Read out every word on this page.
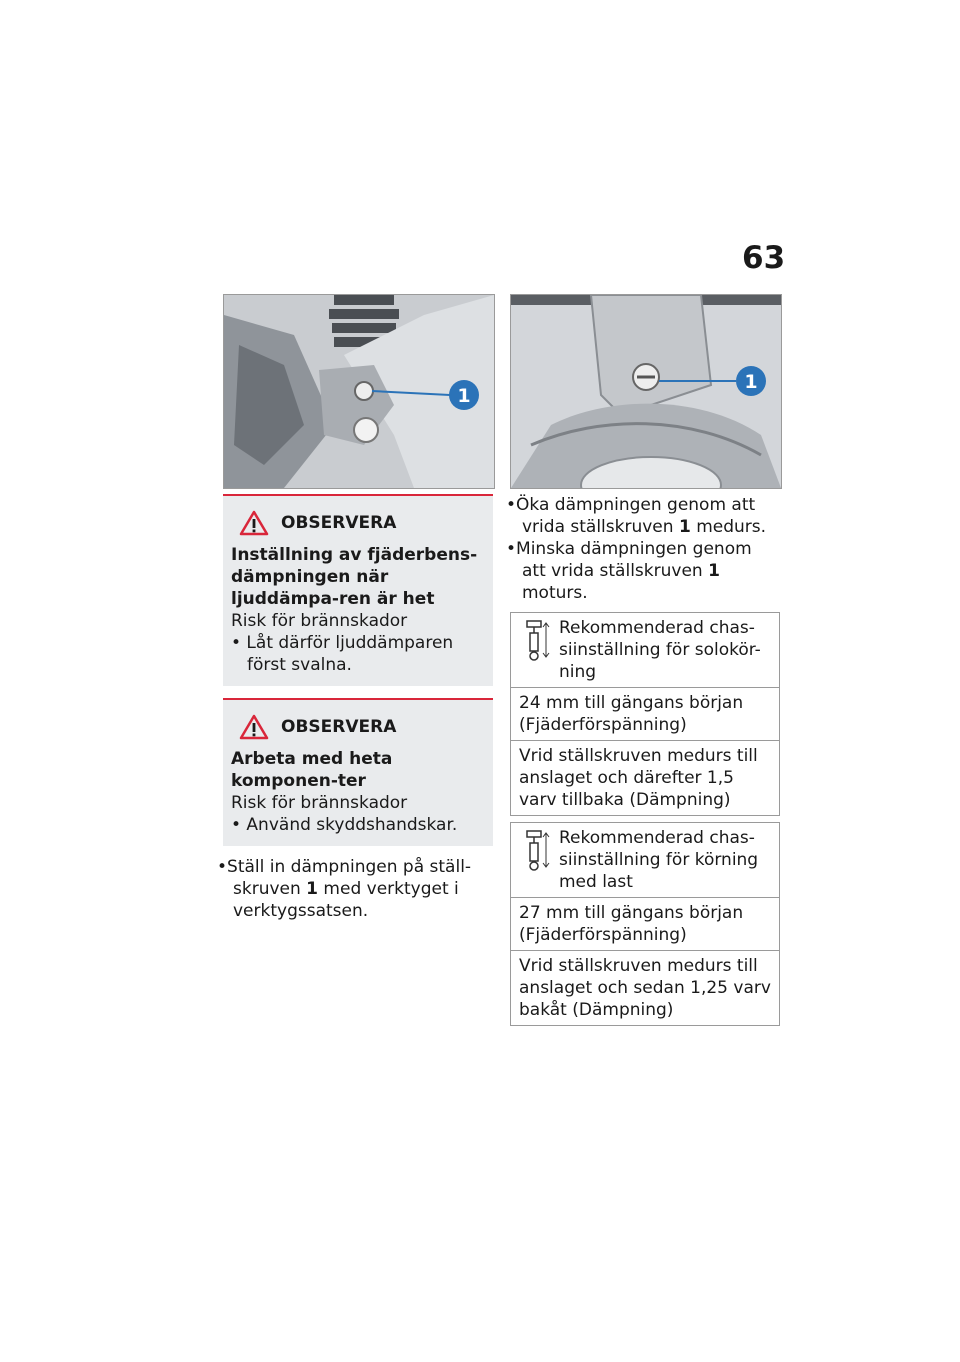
63
1
1
OBSERVERA
Inställning av fjäderbens-dämpningen när ljuddämpa-ren är het
Risk för brännskador
• Låt därför ljuddämparen först svalna.
OBSERVERA
Arbeta med heta komponen-ter
Risk för brännskador
• Använd skyddshandskar.
•Ställ in dämpningen på ställ-skruven 1 med verktyget i verktygssatsen.
•Öka dämpningen genom att vrida ställskruven 1 medurs.
•Minska dämpningen genom att vrida ställskruven 1 moturs.
Rekommenderad chas-siinställning för solokör-ning
24 mm till gängans början (Fjäderförspänning)
Vrid ställskruven medurs till anslaget och därefter 1,5 varv tillbaka (Dämpning)
Rekommenderad chas-siinställning för körning med last
27 mm till gängans början (Fjäderförspänning)
Vrid ställskruven medurs till anslaget och sedan 1,25 varv bakåt (Dämpning)
